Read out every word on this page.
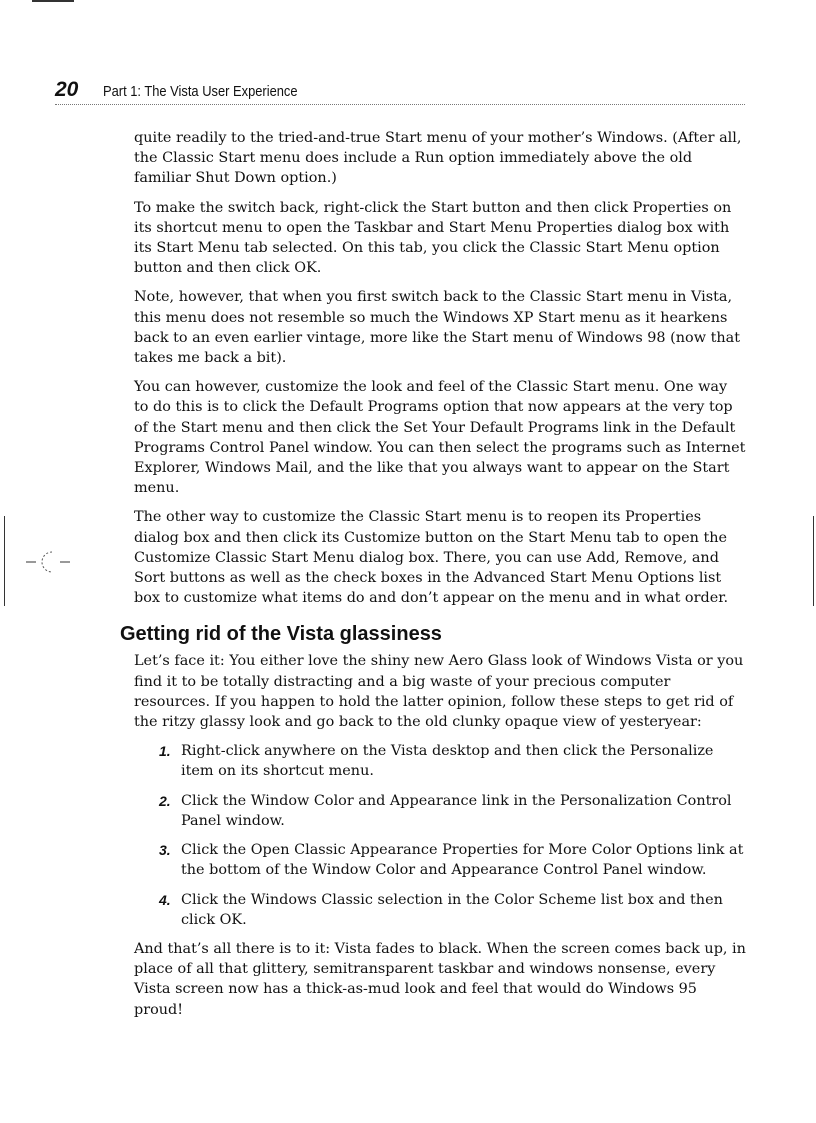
20 Part 1: The Vista User Experience

quite readily to the tried-and-true Start menu of your mother’s Windows. (After all, the Classic Start menu does include a Run option immediately above the old familiar Shut Down option.)

To make the switch back, right-click the Start button and then click Properties on its shortcut menu to open the Taskbar and Start Menu Properties dialog box with its Start Menu tab selected. On this tab, you click the Classic Start Menu option button and then click OK.

Note, however, that when you first switch back to the Classic Start menu in Vista, this menu does not resemble so much the Windows XP Start menu as it hearkens back to an even earlier vintage, more like the Start menu of Windows 98 (now that takes me back a bit).

You can however, customize the look and feel of the Classic Start menu. One way to do this is to click the Default Programs option that now appears at the very top of the Start menu and then click the Set Your Default Programs link in the Default Programs Control Panel window. You can then select the programs such as Internet Explorer, Windows Mail, and the like that you always want to appear on the Start menu.

The other way to customize the Classic Start menu is to reopen its Properties dialog box and then click its Customize button on the Start Menu tab to open the Customize Classic Start Menu dialog box. There, you can use Add, Remove, and Sort buttons as well as the check boxes in the Advanced Start Menu Options list box to customize what items do and don’t appear on the menu and in what order.

Getting rid of the Vista glassiness

Let’s face it: You either love the shiny new Aero Glass look of Windows Vista or you find it to be totally distracting and a big waste of your precious computer resources. If you happen to hold the latter opinion, follow these steps to get rid of the ritzy glassy look and go back to the old clunky opaque view of yesteryear:

1. Right-click anywhere on the Vista desktop and then click the Personalize item on its shortcut menu.
2. Click the Window Color and Appearance link in the Personalization Control Panel window.
3. Click the Open Classic Appearance Properties for More Color Options link at the bottom of the Window Color and Appearance Control Panel window.
4. Click the Windows Classic selection in the Color Scheme list box and then click OK.

And that’s all there is to it: Vista fades to black. When the screen comes back up, in place of all that glittery, semitransparent taskbar and windows nonsense, every Vista screen now has a thick-as-mud look and feel that would do Windows 95 proud!
